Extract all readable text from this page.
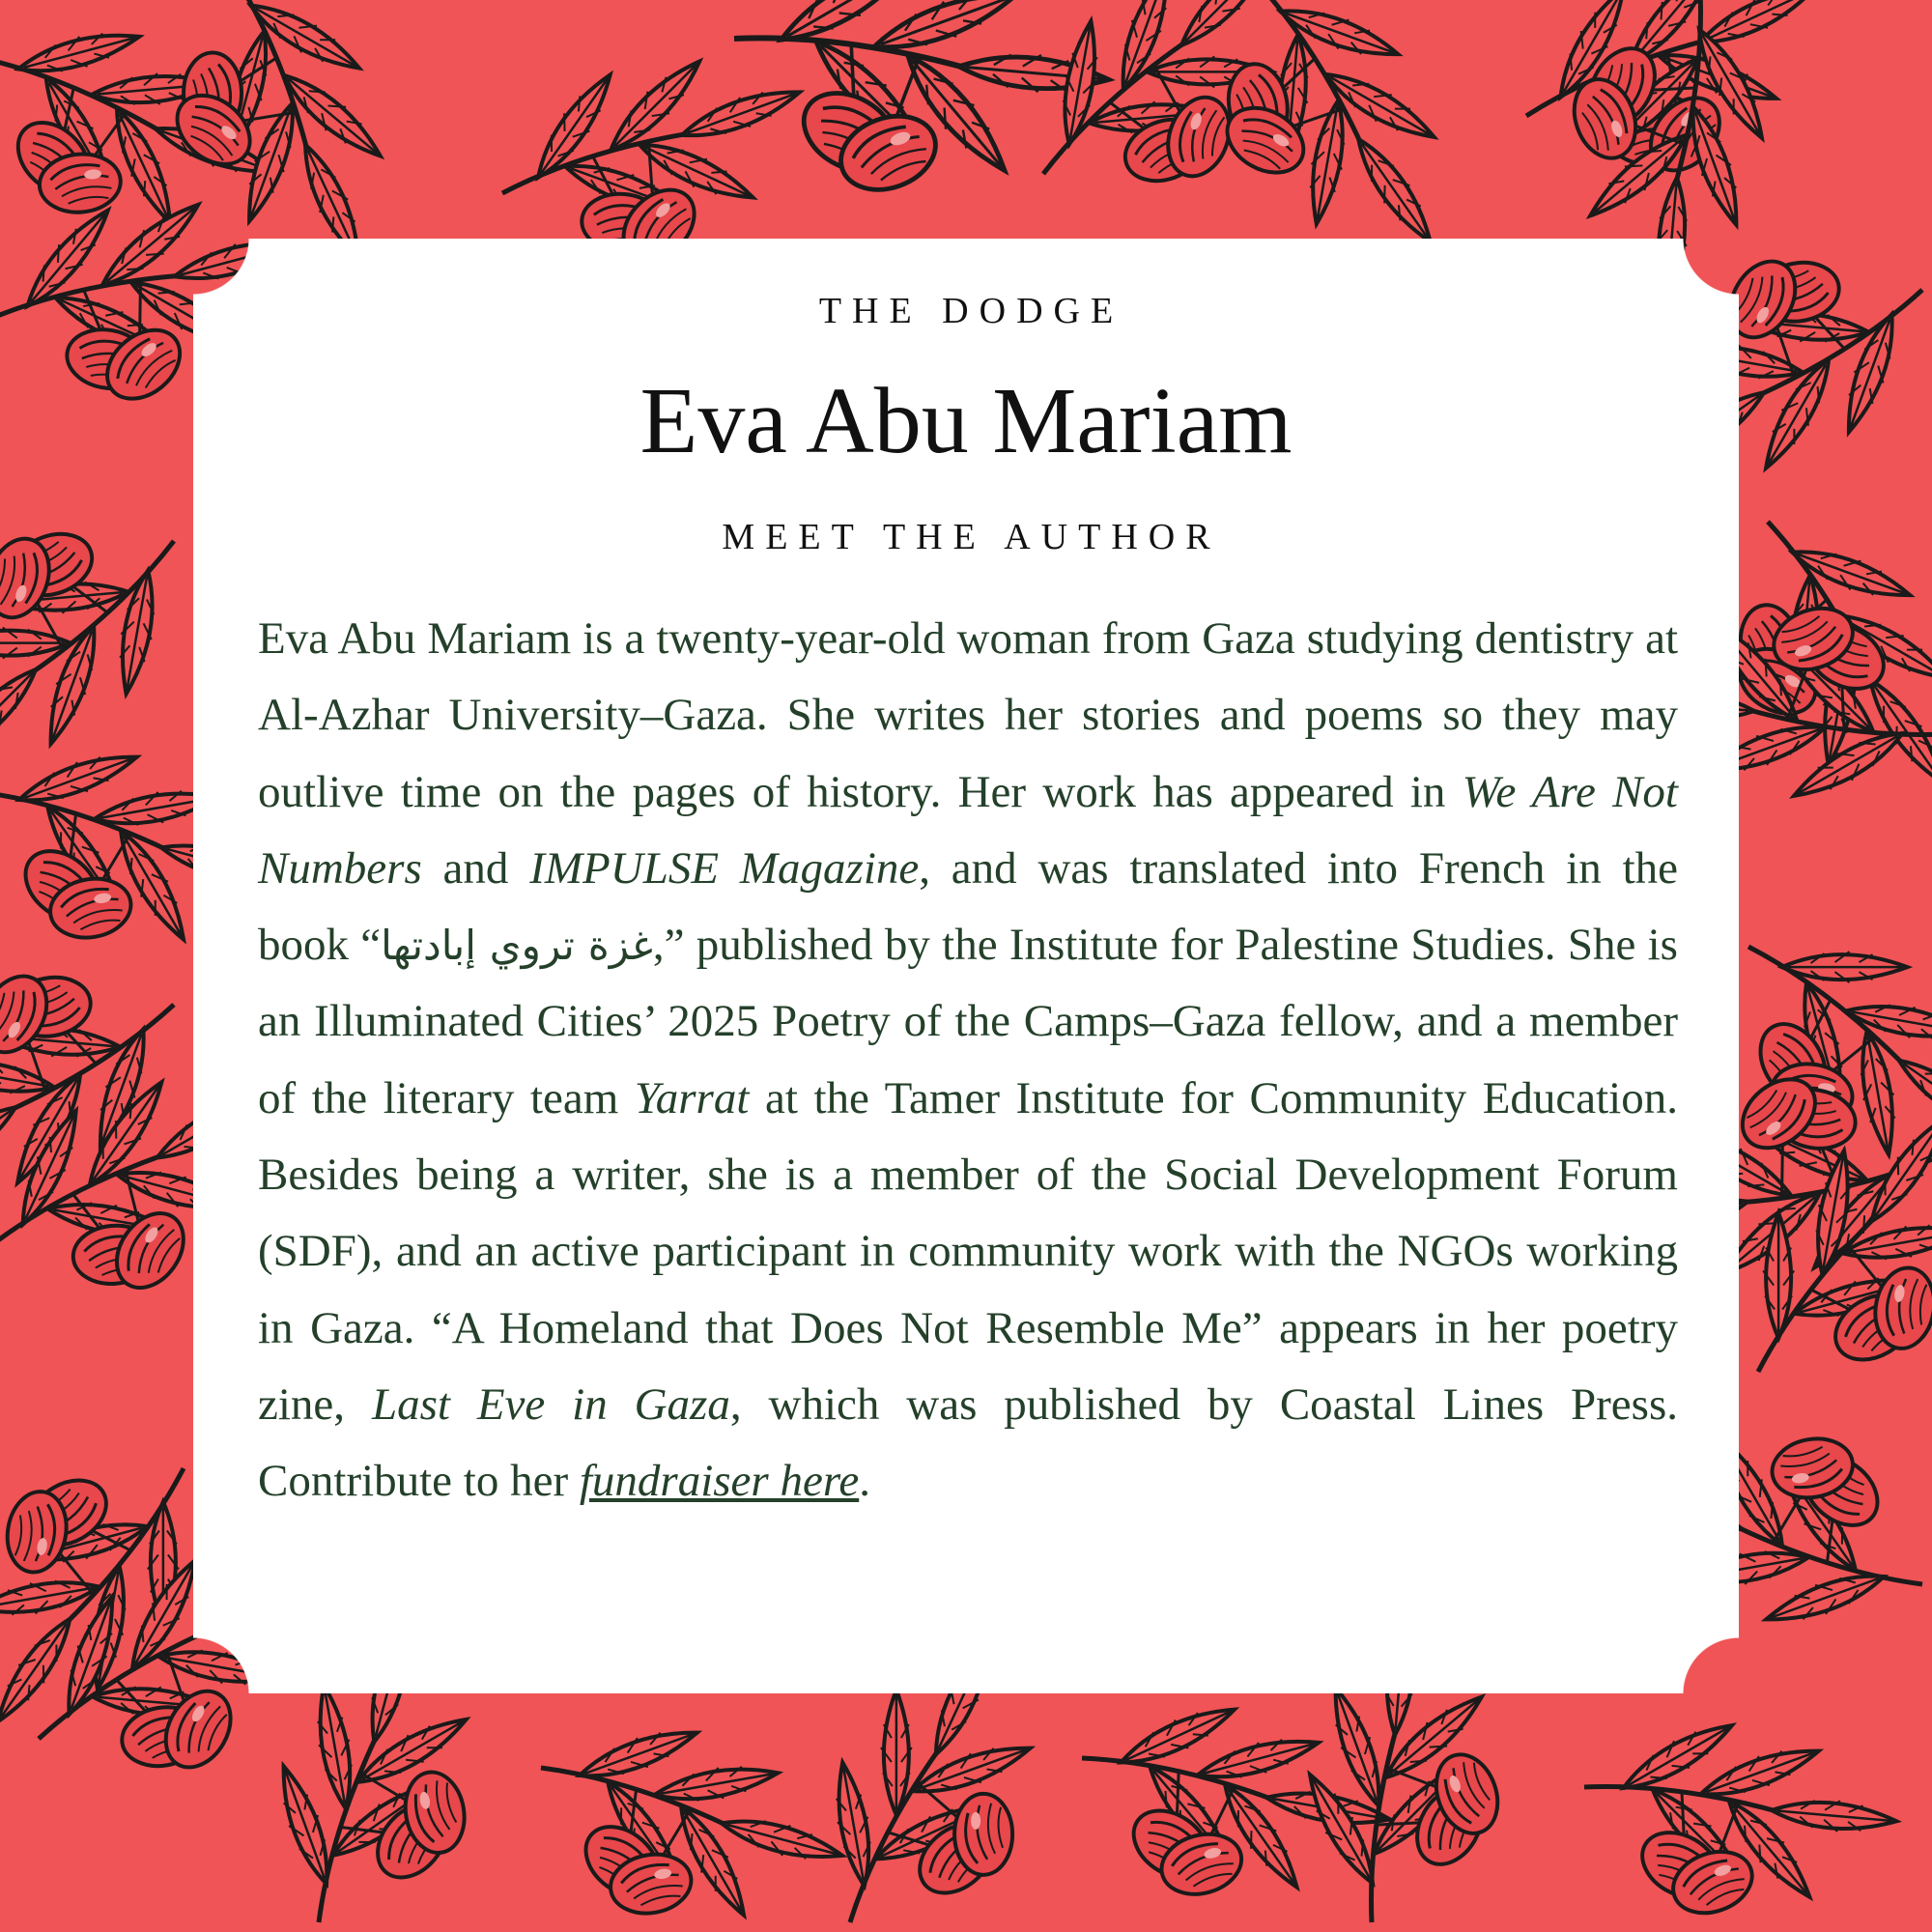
THE DODGE
Eva Abu Mariam
MEET THE AUTHOR
Eva Abu Mariam is a twenty-year-old woman from Gaza studying dentistry at Al-Azhar University–Gaza. She writes her stories and poems so they may outlive time on the pages of history. Her work has appeared in We Are Not Numbers and IMPULSE Magazine, and was translated into French in the book “غزة تروي إبادتها,” published by the Institute for Palestine Studies. She is an Illuminated Cities’ 2025 Poetry of the Camps–Gaza fellow, and a member of the literary team Yarrat at the Tamer Institute for Community Education. Besides being a writer, she is a member of the Social Development Forum (SDF), and an active participant in community work with the NGOs working in Gaza. “A Homeland that Does Not Resemble Me” appears in her poetry zine, Last Eve in Gaza, which was published by Coastal Lines Press. Contribute to her fundraiser here.
